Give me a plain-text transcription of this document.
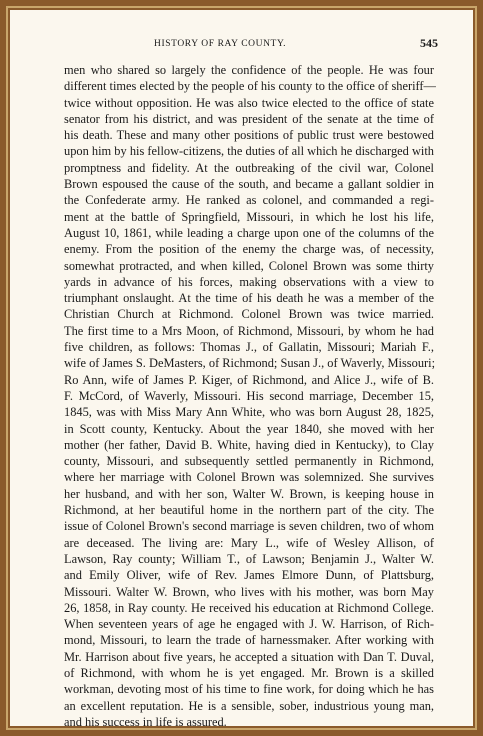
HISTORY OF RAY COUNTY.	545
men who shared so largely the confidence of the people. He was four
different times elected by the people of his county to the office of sheriff—
twice without opposition. He was also twice elected to the office of state
senator from his district, and was president of the senate at the time of
his death. These and many other positions of public trust were bestowed
upon him by his fellow-citizens, the duties of all which he discharged with
promptness and fidelity. At the outbreaking of the civil war, Colonel
Brown espoused the cause of the south, and became a gallant soldier in
the Confederate army. He ranked as colonel, and commanded a regi-
ment at the battle of Springfield, Missouri, in which he lost his life,
August 10, 1861, while leading a charge upon one of the columns of the
enemy. From the position of the enemy the charge was, of necessity,
somewhat protracted, and when killed, Colonel Brown was some thirty
yards in advance of his forces, making observations with a view to
triumphant onslaught. At the time of his death he was a member of the
Christian Church at Richmond. Colonel Brown was twice married.
The first time to a Mrs Moon, of Richmond, Missouri, by whom he had
five children, as follows: Thomas J., of Gallatin, Missouri; Mariah F.,
wife of James S. DeMasters, of Richmond; Susan J., of Waverly, Missouri;
Ro Ann, wife of James P. Kiger, of Richmond, and Alice J., wife of B.
F. McCord, of Waverly, Missouri. His second marriage, December 15,
1845, was with Miss Mary Ann White, who was born August 28, 1825,
in Scott county, Kentucky. About the year 1840, she moved with her
mother (her father, David B. White, having died in Kentucky), to Clay
county, Missouri, and subsequently settled permanently in Richmond,
where her marriage with Colonel Brown was solemnized. She survives
her husband, and with her son, Walter W. Brown, is keeping house in
Richmond, at her beautiful home in the northern part of the city. The
issue of Colonel Brown's second marriage is seven children, two of whom
are deceased. The living are: Mary L., wife of Wesley Allison, of
Lawson, Ray county; William T., of Lawson; Benjamin J., Walter W.
and Emily Oliver, wife of Rev. James Elmore Dunn, of Plattsburg,
Missouri. Walter W. Brown, who lives with his mother, was born May
26, 1858, in Ray county. He received his education at Richmond College.
When seventeen years of age he engaged with J. W. Harrison, of Rich-
mond, Missouri, to learn the trade of harnessmaker. After working with
Mr. Harrison about five years, he accepted a situation with Dan T. Duval,
of Richmond, with whom he is yet engaged. Mr. Brown is a skilled
workman, devoting most of his time to fine work, for doing which he has
an excellent reputation. He is a sensible, sober, industrious young man,
and his success in life is assured.
